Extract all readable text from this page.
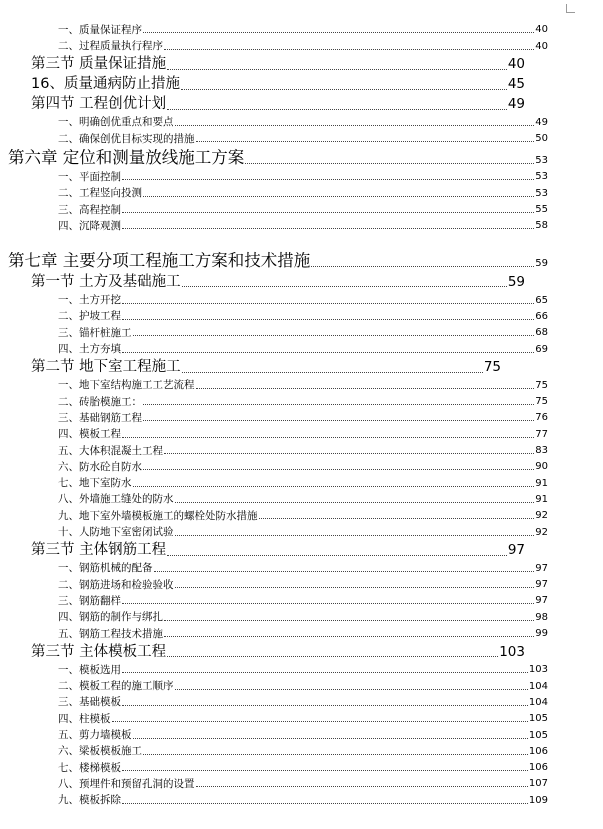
一、质量保证程序	40
二、过程质量执行程序	40
第三节 质量保证措施	40
16、质量通病防止措施	45
第四节 工程创优计划	49
一、明确创优重点和要点	49
二、确保创优目标实现的措施	50
第六章 定位和测量放线施工方案	53
一、平面控制	53
二、工程竖向投测	53
三、高程控制	55
四、沉降观测	58
第七章 主要分项工程施工方案和技术措施	59
第一节 土方及基础施工	59
一、土方开挖	65
二、护坡工程	66
三、锚杆桩施工	68
四、土方夯填	69
第二节 地下室工程施工	75
一、地下室结构施工工艺流程	75
二、砖胎模施工：	75
三、基础钢筋工程	76
四、模板工程	77
五、大体积混凝土工程	83
六、防水砼自防水	90
七、地下室防水	91
八、外墙施工缝处的防水	91
九、地下室外墙模板施工的螺栓处防水措施	92
十、人防地下室密闭试验	92
第三节 主体钢筋工程	97
一、钢筋机械的配备	97
二、钢筋进场和检验验收	97
三、钢筋翻样	97
四、钢筋的制作与绑扎	98
五、钢筋工程技术措施	99
第三节 主体模板工程	103
一、模板选用	103
二、模板工程的施工顺序	104
三、基础模板	104
四、柱模板	105
五、剪力墙模板	105
六、梁板模板施工	106
七、楼梯模板	106
八、预埋件和预留孔洞的设置	107
九、模板拆除	109
